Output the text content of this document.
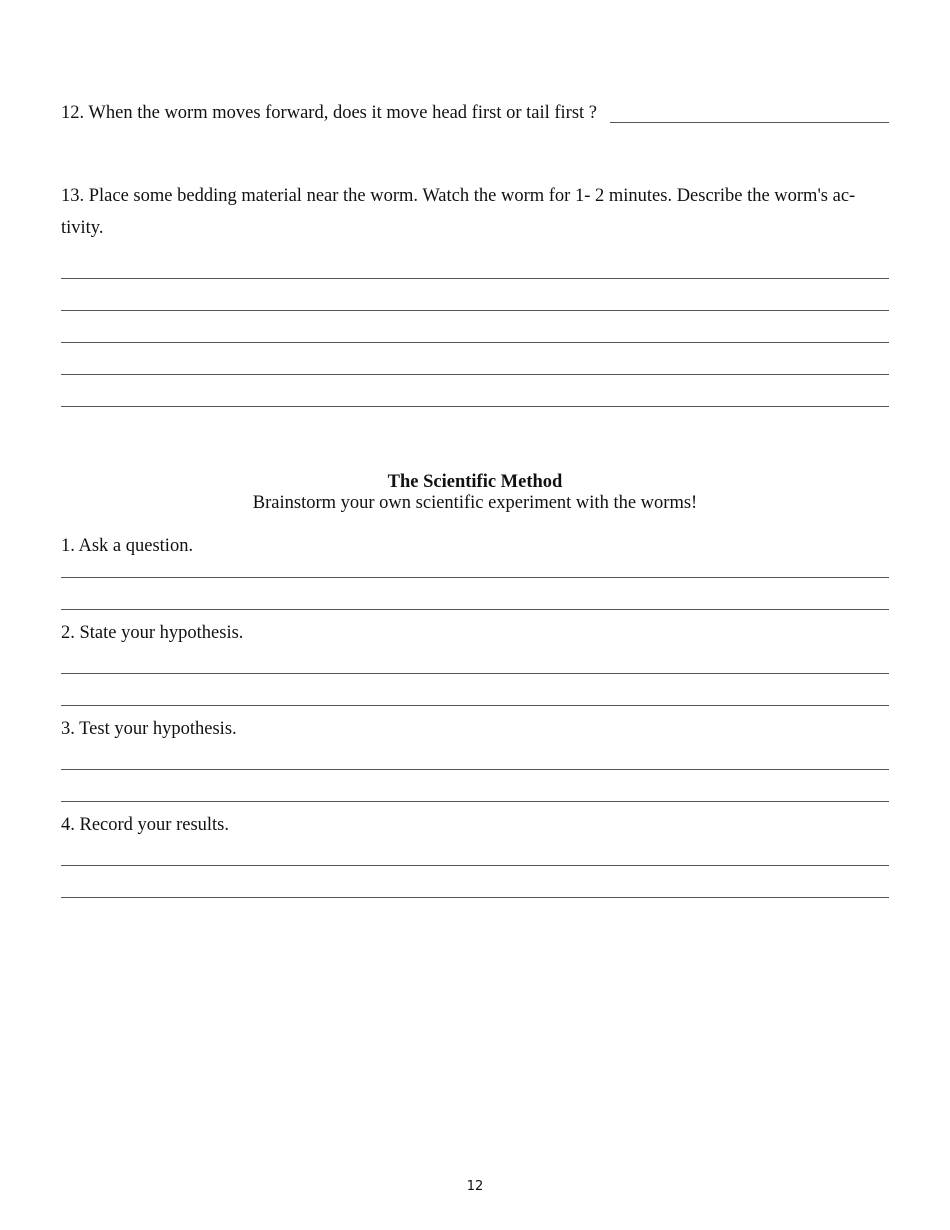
12. When the worm moves forward, does it move head first or tail first ?
13. Place some bedding material near the worm. Watch the worm for 1- 2 minutes. Describe the worm's ac-
tivity.
The Scientific Method
Brainstorm your own scientific experiment with the worms!
1. Ask a question.
2. State your hypothesis.
3. Test your hypothesis.
4. Record your results.
12
